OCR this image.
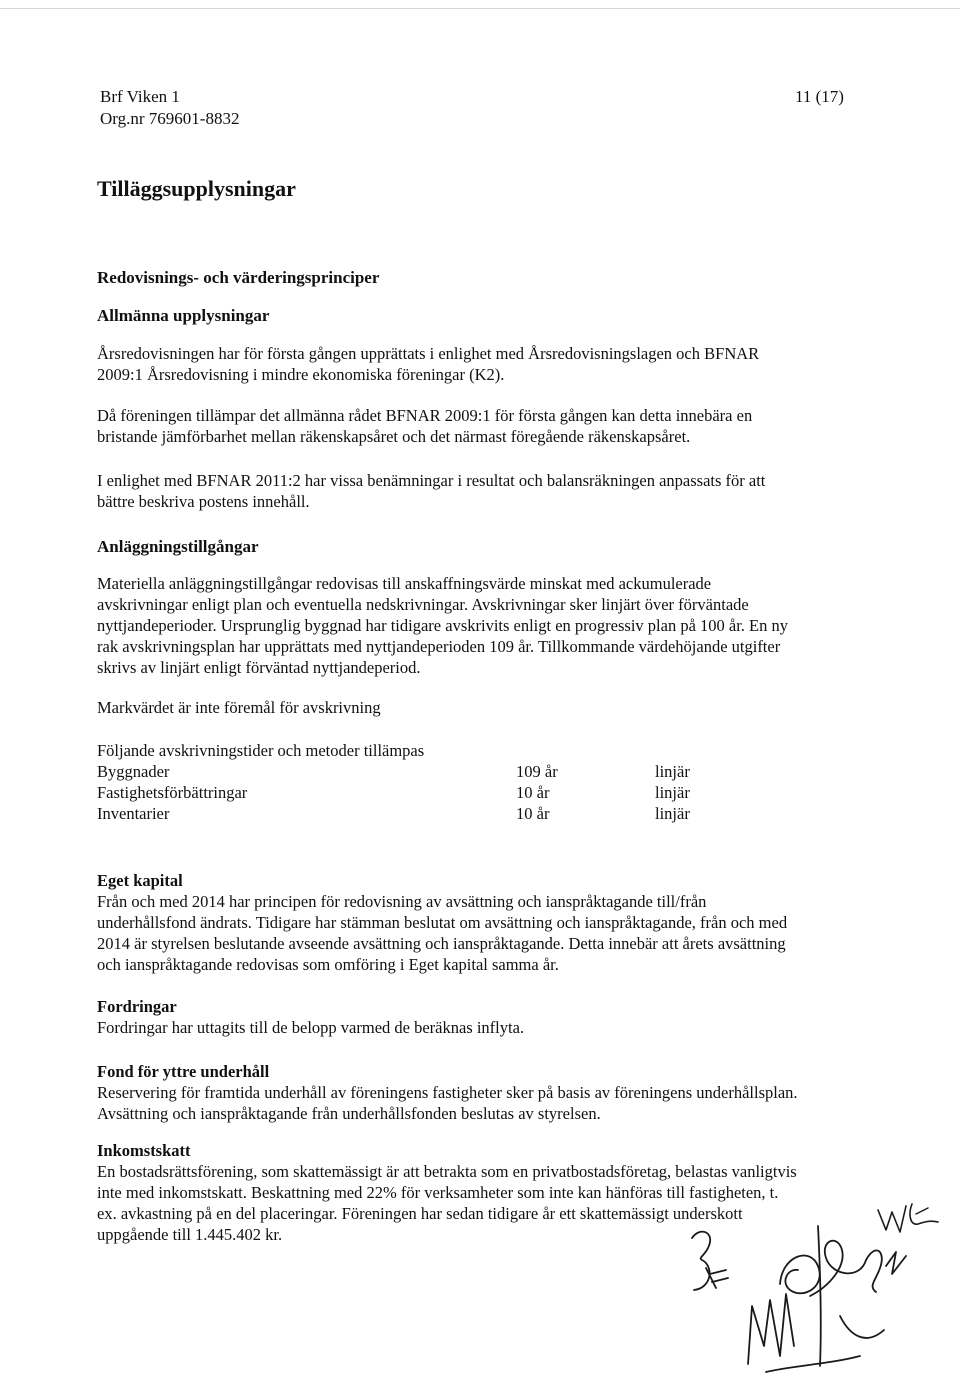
Brf Viken 1
Org.nr 769601-8832
11 (17)
Tilläggsupplysningar
Redovisnings- och värderingsprinciper
Allmänna upplysningar
Årsredovisningen har för första gången upprättats i enlighet med Årsredovisningslagen och BFNAR
2009:1 Årsredovisning i mindre ekonomiska föreningar (K2).
Då föreningen tillämpar det allmänna rådet BFNAR 2009:1 för första gången kan detta innebära en
bristande jämförbarhet mellan räkenskapsåret och det närmast föregående räkenskapsåret.
I enlighet med BFNAR 2011:2 har vissa benämningar i resultat och balansräkningen anpassats för att
bättre beskriva postens innehåll.
Anläggningstillgångar
Materiella anläggningstillgångar redovisas till anskaffningsvärde minskat med ackumulerade
avskrivningar enligt plan och eventuella nedskrivningar. Avskrivningar sker linjärt över förväntade
nyttjandeperioder. Ursprunglig byggnad har tidigare avskrivits enligt en progressiv plan på 100 år. En ny
rak avskrivningsplan har upprättats med nyttjandeperioden 109 år. Tillkommande värdehöjande utgifter
skrivs av linjärt enligt förväntad nyttjandeperiod.
Markvärdet är inte föremål för avskrivning
Följande avskrivningstider och metoder tillämpas
Byggnader	109 år	linjär
Fastighetsförbättringar	10 år	linjär
Inventarier	10 år	linjär
Eget kapital
Från och med 2014 har principen för redovisning av avsättning och ianspråktagande till/från
underhållsfond ändrats. Tidigare har stämman beslutat om avsättning och ianspråktagande, från och med
2014 är styrelsen beslutande avseende avsättning och ianspråktagande. Detta innebär att årets avsättning
och ianspråktagande redovisas som omföring i Eget kapital samma år.
Fordringar
Fordringar har uttagits till de belopp varmed de beräknas inflyta.
Fond för yttre underhåll
Reservering för framtida underhåll av föreningens fastigheter sker på basis av föreningens underhållsplan.
Avsättning och ianspråktagande från underhållsfonden beslutas av styrelsen.
Inkomstskatt
En bostadsrättsförening, som skattemässigt är att betrakta som en privatbostadsföretag, belastas vanligtvis
inte med inkomstskatt. Beskattning med 22% för verksamheter som inte kan hänföras till fastigheten, t.
ex. avkastning på en del placeringar. Föreningen har sedan tidigare år ett skattemässigt underskott
uppgående till 1.445.402 kr.
